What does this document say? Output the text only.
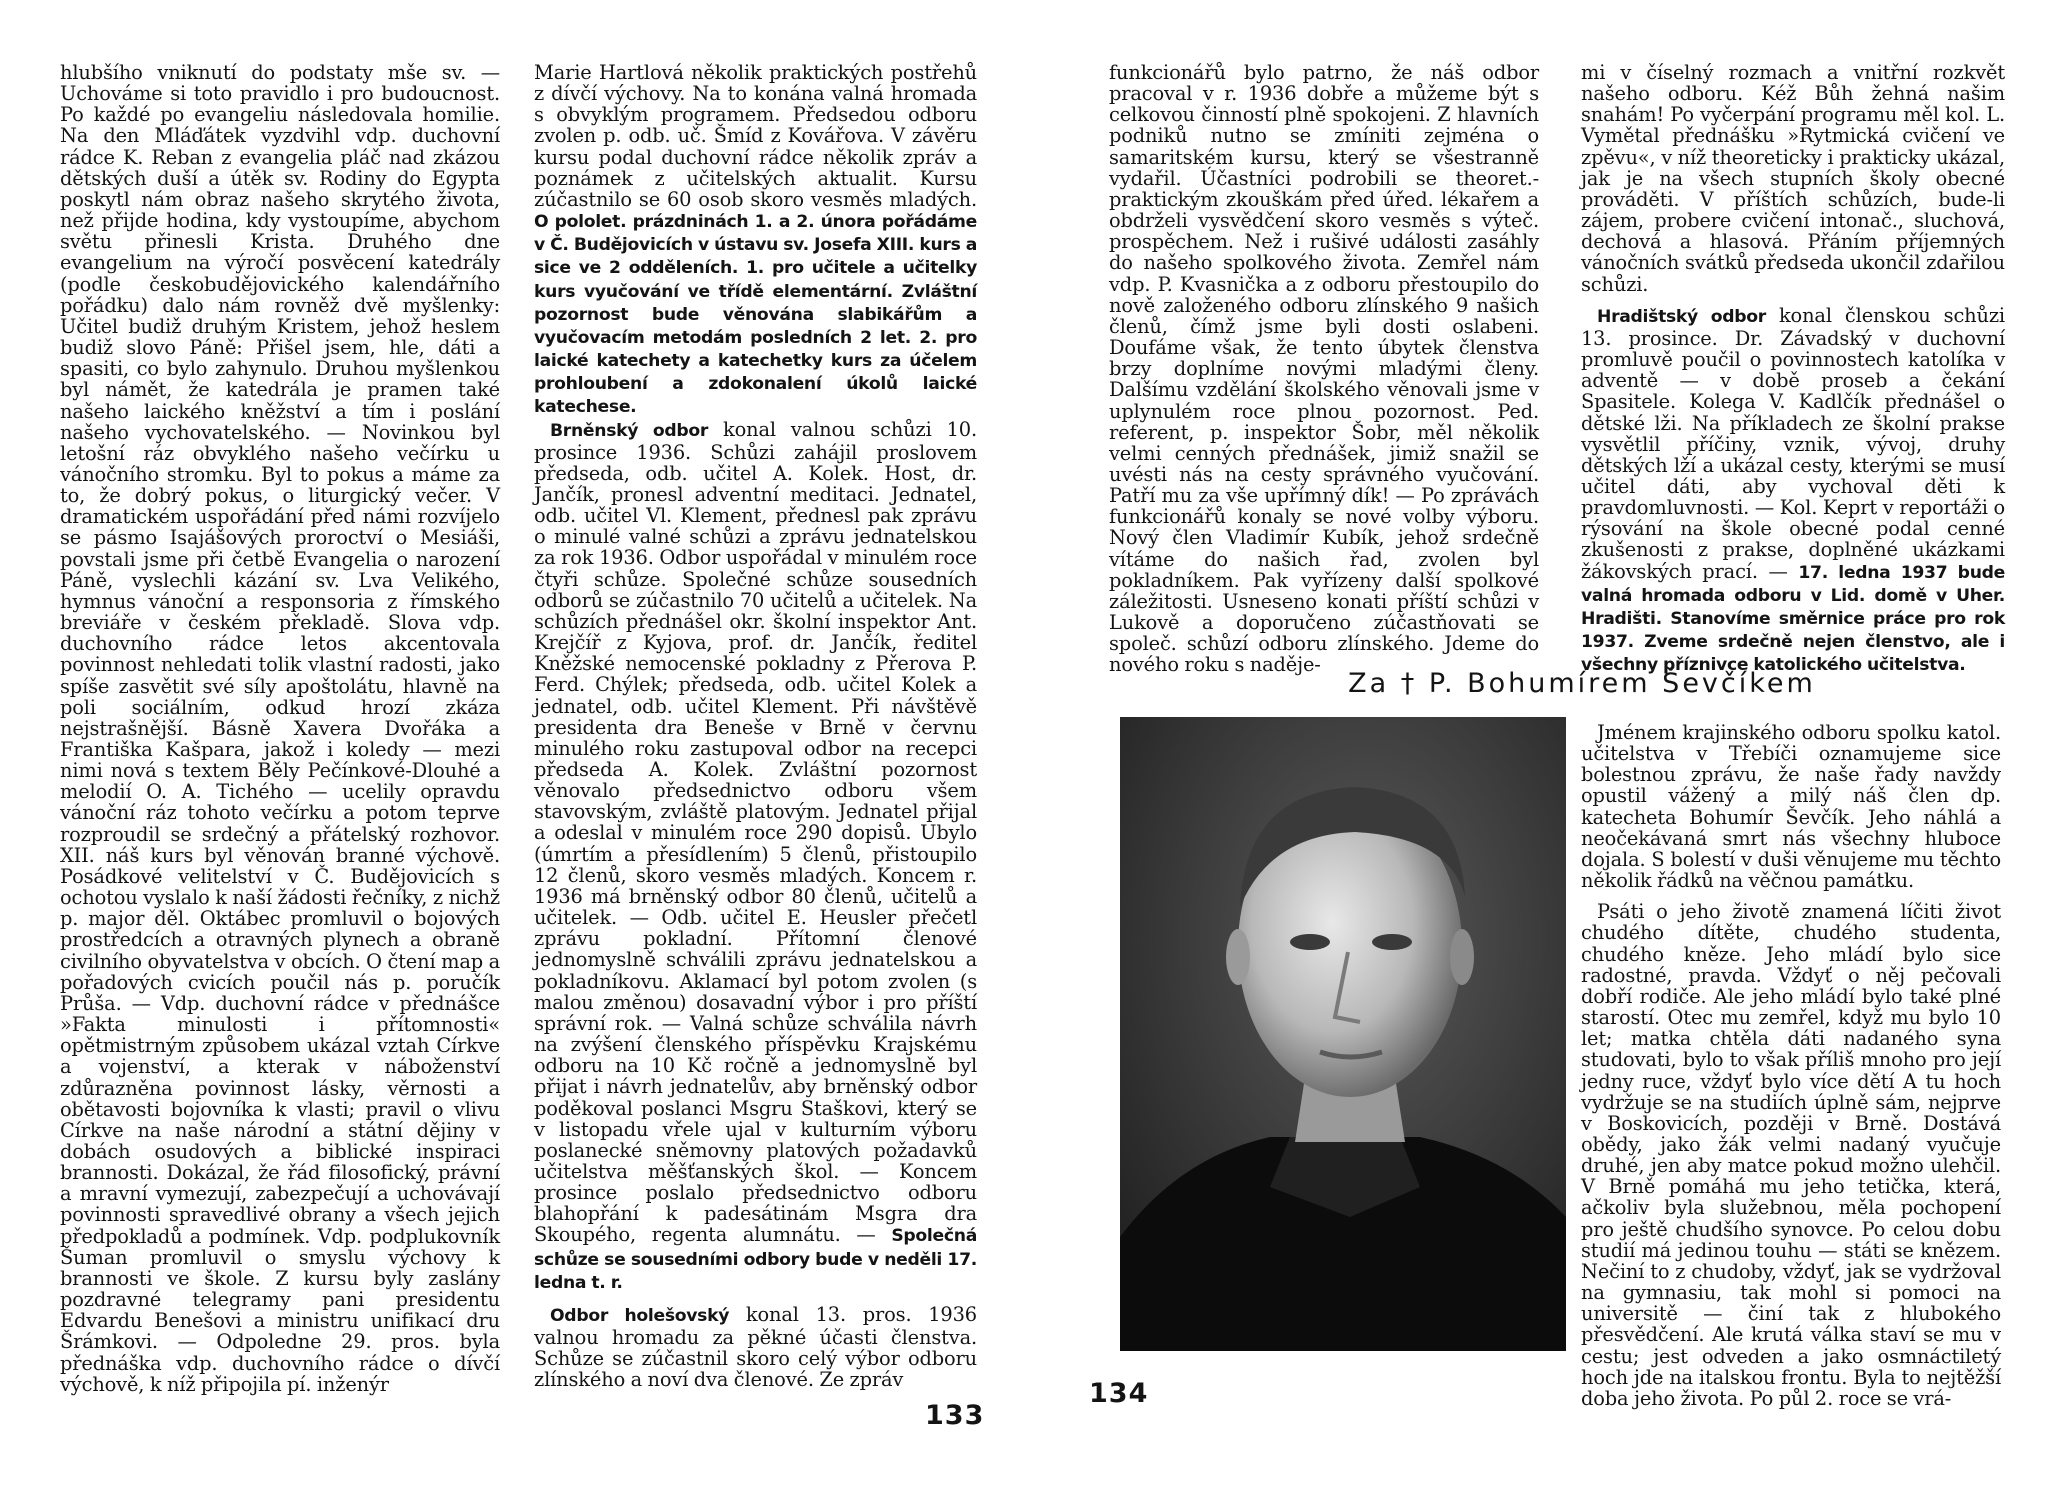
hlubšího vniknutí do podstaty mše sv. — Uchováme si toto pravidlo i pro budoucnost. Po každé po evangeliu následovala homilie. Na den Mláďátek vyzdvihl vdp. duchovní rádce K. Reban z evangelia pláč nad zkázou dětských duší a útěk sv. Rodiny do Egypta poskytl nám obraz našeho skrytého života, než přijde hodina, kdy vystoupíme, abychom světu přinesli Krista. Druhého dne evangelium na výročí posvěcení katedrály (podle českobudějovického kalendářního pořádku) dalo nám rovněž dvě myšlenky: Učitel budiž druhým Kristem, jehož heslem budiž slovo Páně: Přišel jsem, hle, dáti a spasiti, co bylo zahynulo. Druhou myšlenkou byl námět, že katedrála je pramen také našeho laického kněžství a tím i poslání našeho vychovatelského. — Novinkou byl letošní ráz obvyklého našeho večírku u vánočního stromku. Byl to pokus a máme za to, že dobrý pokus, o liturgický večer. V dramatickém uspořádání před námi rozvíjelo se pásmo Isajášových proroctví o Mesiáši, povstali jsme při četbě Evangelia o narození Páně, vyslechli kázání sv. Lva Velikého, hymnus vánoční a responsoria z římského breviáře v českém překladě. Slova vdp. duchovního rádce letos akcentovala povinnost nehledati tolik vlastní radosti, jako spíše zasvětit své síly apoštolátu, hlavně na poli sociálním, odkud hrozí zkáza nejstrašnější. Básně Xavera Dvořáka a Františka Kašpara, jakož i koledy — mezi nimi nová s textem Běly Pečínkové-Dlouhé a melodií O. A. Tichého — ucelily opravdu vánoční ráz tohoto večírku a potom teprve rozproudil se srdečný a přátelský rozhovor. XII. náš kurs byl věnován branné výchově. Posádkové velitelství v Č. Budějovicích s ochotou vyslalo k naší žádosti řečníky, z nichž p. major děl. Oktábec promluvil o bojových prostředcích a otravných plynech a obraně civilního obyvatelstva v obcích. O čtení map a pořadových cvicích poučil nás p. poručík Průša. — Vdp. duchovní rádce v přednášce »Fakta minulosti i přítomnosti« opětmistrným způsobem ukázal vztah Církve a vojenství, a kterak v náboženství zdůrazněna povinnost lásky, věrnosti a obětavosti bojovníka k vlasti; pravil o vlivu Církve na naše národní a státní dějiny v dobách osudových a biblické inspiraci brannosti. Dokázal, že řád filosofický, právní a mravní vymezují, zabezpečují a uchovávají povinnosti spravedlivé obrany a všech jejich předpokladů a podmínek. Vdp. podplukovník Šuman promluvil o smyslu výchovy k brannosti ve škole. Z kursu byly zaslány pozdravné telegramy pani presidentu Edvardu Benešovi a ministru unifikací dru Šrámkovi. — Odpoledne 29. pros. byla přednáška vdp. duchovního rádce o dívčí výchově, k níž připojila pí. inženýr

Marie Hartlová několik praktických postřehů z dívčí výchovy. Na to konána valná hromada s obvyklým programem. Předsedou odboru zvolen p. odb. uč. Šmíd z Kovářova. V závěru kursu podal duchovní rádce několik zpráv a poznámek z učitelských aktualit. Kursu zúčastnilo se 60 osob skoro vesměs mladých. O pololet. prázdninách 1. a 2. února pořádáme v Č. Budějovicích v ústavu sv. Josefa XIII. kurs a sice ve 2 odděleních. 1. pro učitele a učitelky kurs vyučování ve třídě elementární. Zvláštní pozornost bude věnována slabikářům a vyučovacím metodám posledních 2 let. 2. pro laické katechety a katechetky kurs za účelem prohloubení a zdokonalení úkolů laické katechese.

Brněnský odbor konal valnou schůzi 10. prosince 1936. Schůzi zahájil proslovem předseda, odb. učitel A. Kolek. Host, dr. Jančík, pronesl adventní meditaci. Jednatel, odb. učitel Vl. Klement, přednesl pak zprávu o minulé valné schůzi a zprávu jednatelskou za rok 1936. Odbor uspořádal v minulém roce čtyři schůze. Společné schůze sousedních odborů se zúčastnilo 70 učitelů a učitelek. Na schůzích přednášel okr. školní inspektor Ant. Krejčíř z Kyjova, prof. dr. Jančík, ředitel Kněžské nemocenské pokladny z Přerova P. Ferd. Chýlek; předseda, odb. učitel Kolek a jednatel, odb. učitel Klement. Při návštěvě presidenta dra Beneše v Brně v červnu minulého roku zastupoval odbor na recepci předseda A. Kolek. Zvláštní pozornost věnovalo předsednictvo odboru všem stavovským, zvláště platovým. Jednatel přijal a odeslal v minulém roce 290 dopisů. Ubylo (úmrtím a přesídlením) 5 členů, přistoupilo 12 členů, skoro vesměs mladých. Koncem r. 1936 má brněnský odbor 80 členů, učitelů a učitelek. — Odb. učitel E. Heusler přečetl zprávu pokladní. Přítomní členové jednomyslně schválili zprávu jednatelskou a pokladníkovu. Aklamací byl potom zvolen (s malou změnou) dosavadní výbor i pro příští správní rok. — Valná schůze schválila návrh na zvýšení členského příspěvku Krajskému odboru na 10 Kč ročně a jednomyslně byl přijat i návrh jednatelův, aby brněnský odbor poděkoval poslanci Msgru Staškovi, který se v listopadu vřele ujal v kulturním výboru poslanecké sněmovny platových požadavků učitelstva měšťanských škol. — Koncem prosince poslalo předsednictvo odboru blahopřání k padesátinám Msgra dra Skoupého, regenta alumnátu. — Společná schůze se sousedními odbory bude v neděli 17. ledna t. r.

Odbor holešovský konal 13. pros. 1936 valnou hromadu za pěkné účasti členstva. Schůze se zúčastnil skoro celý výbor odboru zlínského a noví dva členové. Ze zpráv

133

funkcionářů bylo patrno, že náš odbor pracoval v r. 1936 dobře a můžeme být s celkovou činností plně spokojeni. Z hlavních podniků nutno se zmíniti zejména o samaritském kursu, který se všestranně vydařil. Účastníci podrobili se theoret.-praktickým zkouškám před úřed. lékařem a obdrželi vysvědčení skoro vesměs s výteč. prospěchem. Než i rušivé události zasáhly do našeho spolkového života. Zemřel nám vdp. P. Kvasnička a z odboru přestoupilo do nově založeného odboru zlínského 9 našich členů, čímž jsme byli dosti oslabeni. Doufáme však, že tento úbytek členstva brzy doplníme novými mladými členy. Dalšímu vzdělání školského věnovali jsme v uplynulém roce plnou pozornost. Ped. referent, p. inspektor Šobr, měl několik velmi cenných přednášek, jimiž snažil se uvésti nás na cesty správného vyučování. Patří mu za vše upřímný dík! — Po zprávách funkcionářů konaly se nové volby výboru. Nový člen Vladimír Kubík, jehož srdečně vítáme do našich řad, zvolen byl pokladníkem. Pak vyřízeny další spolkové záležitosti. Usneseno konati příští schůzi v Lukově a doporučeno zúčastňovati se společ. schůzí odboru zlínského. Jdeme do nového roku s naděje-

mi v číselný rozmach a vnitřní rozkvět našeho odboru. Kéž Bůh žehná našim snahám! Po vyčerpání programu měl kol. L. Vymětal přednášku »Rytmická cvičení ve zpěvu«, v níž theoreticky i prakticky ukázal, jak je na všech stupních školy obecné prováděti. V příštích schůzích, bude-li zájem, probere cvičení intonač., sluchová, dechová a hlasová. Přáním příjemných vánočních svátků předseda ukončil zdařilou schůzi.

Hradištský odbor konal členskou schůzi 13. prosince. Dr. Závadský v duchovní promluvě poučil o povinnostech katolíka v adventě — v době proseb a čekání Spasitele. Kolega V. Kadlčík přednášel o dětské lži. Na příkladech ze školní prakse vysvětlil příčiny, vznik, vývoj, druhy dětských lží a ukázal cesty, kterými se musí učitel dáti, aby vychoval děti k pravdomluvnosti. — Kol. Keprt v reportáži o rýsování na škole obecné podal cenné zkušenosti z prakse, doplněné ukázkami žákovských prací. — 17. ledna 1937 bude valná hromada odboru v Lid. domě v Uher. Hradišti. Stanovíme směrnice práce pro rok 1937. Zveme srdečně nejen členstvo, ale i všechny příznivce katolického učitelstva.

134
Za † P. Bohumírem Ševčíkem

Jménem krajinského odboru spolku katol. učitelstva v Třebíči oznamujeme sice bolestnou zprávu, že naše řady navždy opustil vážený a milý náš člen dp. katecheta Bohumír Ševčík. Jeho náhlá a neočekávaná smrt nás všechny hluboce dojala. S bolestí v duši věnujeme mu těchto několik řádků na věčnou památku.

Psáti o jeho životě znamená líčiti život chudého dítěte, chudého studenta, chudého kněze. Jeho mládí bylo sice radostné, pravda. Vždyť o něj pečovali dobří rodiče. Ale jeho mládí bylo také plné starostí. Otec mu zemřel, když mu bylo 10 let; matka chtěla dáti nadaného syna studovati, bylo to však příliš mnoho pro její jedny ruce, vždyť bylo více dětí A tu hoch vydržuje se na studiích úplně sám, nejprve v Boskovicích, později v Brně. Dostává obědy, jako žák velmi nadaný vyučuje druhé, jen aby matce pokud možno ulehčil. V Brně pomáhá mu jeho tetička, která, ačkoliv byla služebnou, měla pochopení pro ještě chudšího synovce. Po celou dobu studií má jedinou touhu — státi se knězem. Nečiní to z chudoby, vždyť, jak se vydržoval na gymnasiu, tak mohl si pomoci na universitě — činí tak z hlubokého přesvědčení. Ale krutá válka staví se mu v cestu; jest odveden a jako osmnáctiletý hoch jde na italskou frontu. Byla to nejtěžší doba jeho života. Po půl 2. roce se vrá-
